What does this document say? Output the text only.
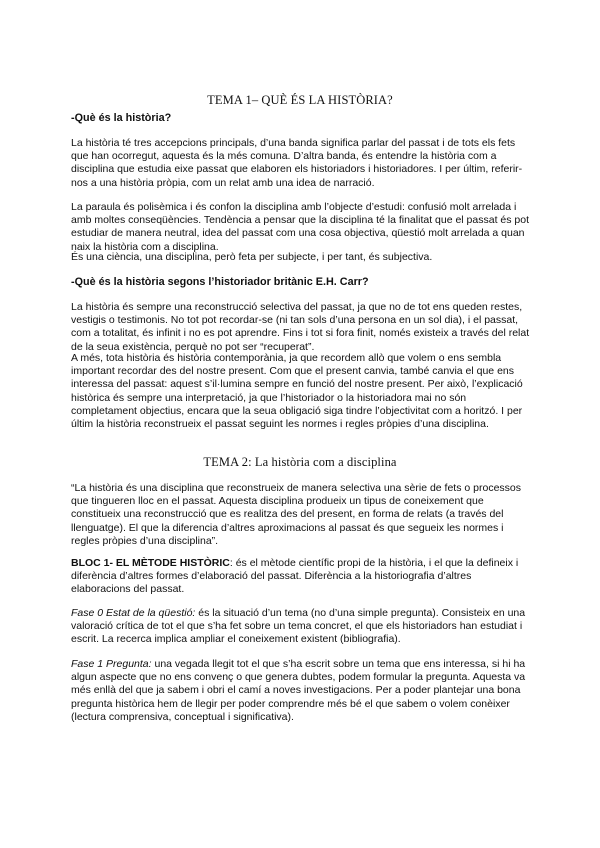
TEMA 1– QUÈ ÉS LA HISTÒRIA?
-Què és la història?

La història té tres accepcions principals, d’una banda significa parlar del passat i de tots els fets que han ocorregut, aquesta és la més comuna. D’altra banda, és entendre la història com a disciplina que estudia eixe passat que elaboren els historiadors i historiadores. I per últim, referir-nos a una història pròpia, com un relat amb una idea de narració.

La paraula és polisèmica i és confon la disciplina amb l’objecte d’estudi: confusió molt arrelada i amb moltes conseqüències. Tendència a pensar que la disciplina té la finalitat que el passat és pot estudiar de manera neutral, idea del passat com una cosa objectiva, qüestió molt arrelada a quan naix la història com a disciplina.

És una ciència, una disciplina, però feta per subjecte, i per tant, és subjectiva.

-Què és la història segons l’historiador britànic E.H. Carr?

La història és sempre una reconstrucció selectiva del passat, ja que no de tot ens queden restes, vestigis o testimonis. No tot pot recordar-se (ni tan sols d’una persona en un sol dia), i el passat, com a totalitat, és infinit i no es pot aprendre. Fins i tot si fora finit, només existeix a través del relat de la seua existència, perquè no pot ser “recuperat”.

A més, tota història és història contemporània, ja que recordem allò que volem o ens sembla important recordar des del nostre present. Com que el present canvia, també canvia el que ens interessa del passat: aquest s’il·lumina sempre en funció del nostre present. Per això, l’explicació històrica és sempre una interpretació, ja que l’historiador o la historiadora mai no són completament objectius, encara que la seua obligació siga tindre l’objectivitat com a horitzó. I per últim la història reconstrueix el passat seguint les normes i regles pròpies d’una disciplina.

TEMA 2: La història com a disciplina

“La història és una disciplina que reconstrueix de manera selectiva una sèrie de fets o processos que tingueren lloc en el passat. Aquesta disciplina produeix un tipus de coneixement que constitueix una reconstrucció que es realitza des del present, en forma de relats (a través del llenguatge). El que la diferencia d’altres aproximacions al passat és que segueix les normes i regles pròpies d’una disciplina”.

BLOC 1- EL MÈTODE HISTÒRIC: és el mètode científic propi de la història, i el que la defineix i diferència d’altres formes d’elaboració del passat. Diferència a la historiografia d’altres elaboracions del passat.

Fase 0 Estat de la qüestió: és la situació d’un tema (no d’una simple pregunta). Consisteix en una valoració crítica de tot el que s’ha fet sobre un tema concret, el que els historiadors han estudiat i escrit. La recerca implica ampliar el coneixement existent (bibliografia).

Fase 1 Pregunta: una vegada llegit tot el que s’ha escrit sobre un tema que ens interessa, si hi ha algun aspecte que no ens convenç o que genera dubtes, podem formular la pregunta. Aquesta va més enllà del que ja sabem i obri el camí a noves investigacions. Per a poder plantejar una bona pregunta històrica hem de llegir per poder comprendre més bé el que sabem o volem conèixer (lectura comprensiva, conceptual i significativa).
